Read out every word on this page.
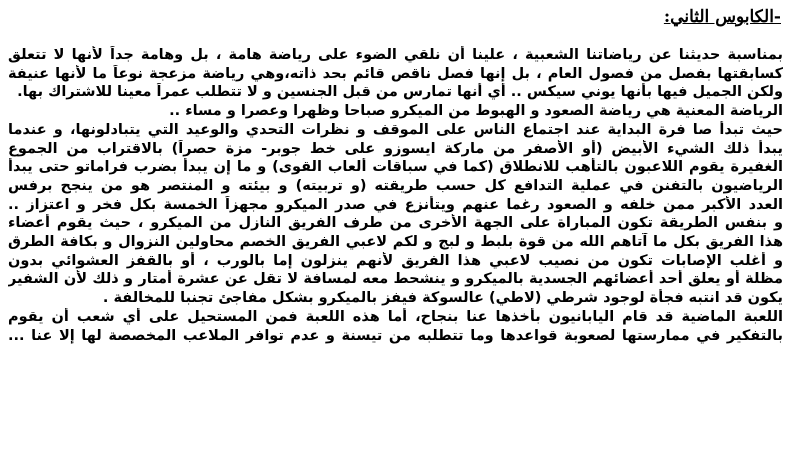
-الكابوس الثاني:
بمناسبة حديثنا عن رياضاتنا الشعبية ، علينا أن نلقي الضوء على رياضة هامة ، بل وهامة جداً لأنها لا تتعلق
كسابقتها بفصل من فصول العام ، بل إنها فصل ناقص قائم بحد ذاته،وهي رياضة مزعجة نوعاً ما لأنها عنيفة
ولكن الجميل فيها بأنها يوني سيكس .. أي أنها تمارس من قبل الجنسين و لا تتطلب عمراً معينا للاشتراك بها.
الرياضة المعنية هي رياضة الصعود و الهبوط من الميكرو صباحا وظهرا وعصرا و مساء ..
حيث تبدأ صا فرة البداية عند اجتماع الناس على الموقف و نظرات التحدي والوعيد التي يتبادلونها، و عندما
يبدأ ذلك الشيء الأبيض (أو الأصفر من ماركة ايسوزو على خط جوبر- مزة حصراً) بالاقتراب من الجموع
الغفيرة يقوم اللاعبون بالتأهب للانطلاق (كما في سباقات ألعاب القوى) و ما إن يبدأ بضرب فراماتو حتى يبدأ
الرياضيون بالتفنن في عملية التدافع كل حسب طريقته (و تربيته) و بيئته و المنتصر هو من ينجح برفس
العدد الأكبر ممن خلفه و الصعود رغما عنهم ويتأنزع في صدر الميكرو مجهزاً الخمسة بكل فخر و اعتزاز ..
و بنفس الطريقة تكون المباراة على الجهة الأخرى من طرف الفريق النازل من الميكرو ، حيث يقوم أعضاء
هذا الفريق بكل ما آتاهم الله من قوة بلبط و لبج و لكم لاعبي الفريق الخصم محاولين النزوال و بكافة الطرق
و أغلب الإصابات تكون من نصيب لاعبي هذا الفريق لأنهم ينزلون إما بالورب ، أو بالقفز العشوائي بدون
مظلة أو يعلق أحد أعضائهم الجسدية بالميكرو و ينشحط معه لمسافة لا تقل عن عشرة أمتار و ذلك لأن الشفير
يكون قد انتبه فجأة لوجود شرطي (لاطي) عالسوكة فيفز بالميكرو بشكل مفاجئ تجنبا للمخالفة .
اللعبة الماضية قد قام اليابانيون بأخذها عنا بنجاح، أما هذه اللعبة فمن المستحيل على أي شعب أن يقوم
بالتفكير في ممارستها لصعوبة قواعدها وما تتطلبه من تيسنة و عدم توافر الملاعب المخصصة لها إلا عنا ...
